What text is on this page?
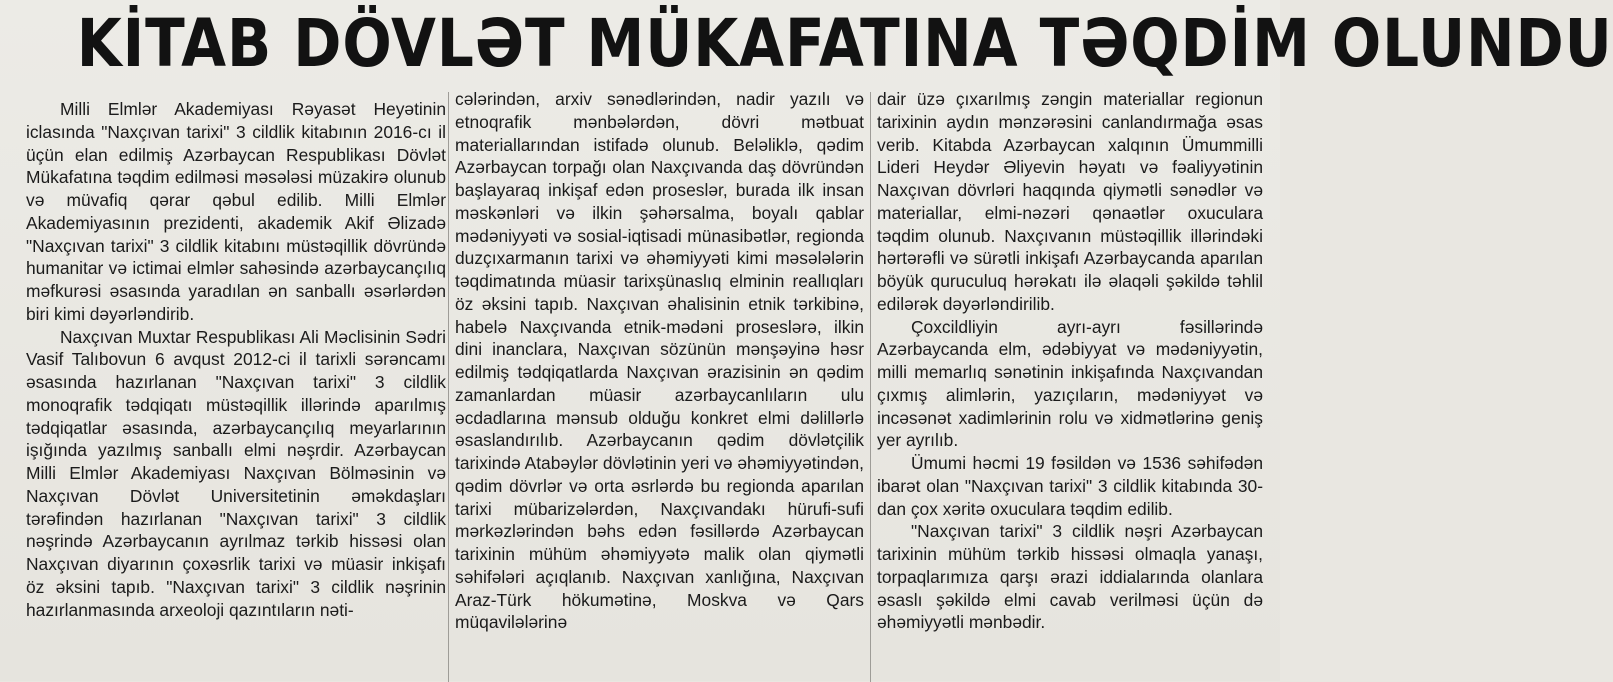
KİTAB DÖVLƏT MÜKAFATINA TƏQDİM OLUNDU

Milli Elmlər Akademiyası Rəyasət Heyətinin iclasında "Naxçıvan tarixi" 3 cildlik kitabının 2016-cı il üçün elan edilmiş Azərbaycan Respublikası Dövlət Mükafatına təqdim edilməsi məsələsi müzakirə olunub və müvafiq qərar qəbul edilib. Milli Elmlər Akademiyasının prezidenti, akademik Akif Əlizadə "Naxçıvan tarixi" 3 cildlik kitabını müstəqillik dövründə humanitar və ictimai elmlər sahəsində azərbaycançılıq məfkurəsi əsasında yaradılan ən sanballı əsərlərdən biri kimi dəyərləndirib.

Naxçıvan Muxtar Respublikası Ali Məclisinin Sədri Vasif Talıbovun 6 avqust 2012-ci il tarixli sərəncamı əsasında hazırlanan "Naxçıvan tarixi" 3 cildlik monoqrafik tədqiqatı müstəqillik illərində aparılmış tədqiqatlar əsasında, azərbaycançılıq meyarlarının işığında yazılmış sanballı elmi nəşrdir. Azərbaycan Milli Elmlər Akademiyası Naxçıvan Bölməsinin və Naxçıvan Dövlət Universitetinin əməkdaşları tərəfindən hazırlanan "Naxçıvan tarixi" 3 cildlik nəşrində Azərbaycanın ayrılmaz tərkib hissəsi olan Naxçıvan diyarının çoxəsrlik tarixi və müasir inkişafı öz əksini tapıb. "Naxçıvan tarixi" 3 cildlik nəşrinin hazırlanmasında arxeoloji qazıntıların nəti-

cələrindən, arxiv sənədlərindən, nadir yazılı və etnoqrafik mənbələrdən, dövri mətbuat materiallarından istifadə olunub. Beləliklə, qədim Azərbaycan torpağı olan Naxçıvanda daş dövründən başlayaraq inkişaf edən proseslər, burada ilk insan məskənləri və ilkin şəhərsalma, boyalı qablar mədəniyyəti və sosial-iqtisadi münasibətlər, regionda duzçıxarmanın tarixi və əhəmiyyəti kimi məsələlərin təqdimatında müasir tarixşünaslıq elminin reallıqları öz əksini tapıb. Naxçıvan əhalisinin etnik tərkibinə, habelə Naxçıvanda etnik-mədəni proseslərə, ilkin dini inanclara, Naxçıvan sözünün mənşəyinə həsr edilmiş tədqiqatlarda Naxçıvan ərazisinin ən qədim zamanlardan müasir azərbaycanlıların ulu əcdadlarına mənsub olduğu konkret elmi dəlillərlə əsaslandırılıb. Azərbaycanın qədim dövlətçilik tarixində Atabəylər dövlətinin yeri və əhəmiyyətindən, qədim dövrlər və orta əsrlərdə bu regionda aparılan tarixi mübarizələrdən, Naxçıvandakı hürufi-sufi mərkəzlərindən bəhs edən fəsillərdə Azərbaycan tarixinin mühüm əhəmiyyətə malik olan qiymətli səhifələri açıqlanıb. Naxçıvan xanlığına, Naxçıvan Araz-Türk hökumətinə, Moskva və Qars müqavilələrinə

dair üzə çıxarılmış zəngin materiallar regionun tarixinin aydın mənzərəsini canlandırmağa əsas verib. Kitabda Azərbaycan xalqının Ümummilli Lideri Heydər Əliyevin həyatı və fəaliyyətinin Naxçıvan dövrləri haqqında qiymətli sənədlər və materiallar, elmi-nəzəri qənaətlər oxuculara təqdim olunub. Naxçıvanın müstəqillik illərindəki hərtərəfli və sürətli inkişafı Azərbaycanda aparılan böyük quruculuq hərəkatı ilə əlaqəli şəkildə təhlil edilərək dəyərləndirilib.

Çoxcildliyin ayrı-ayrı fəsillərində Azərbaycanda elm, ədəbiyyat və mədəniyyətin, milli memarlıq sənətinin inkişafında Naxçıvandan çıxmış alimlərin, yazıçıların, mədəniyyət və incəsənət xadimlərinin rolu və xidmətlərinə geniş yer ayrılıb.

Ümumi həcmi 19 fəsildən və 1536 səhifədən ibarət olan "Naxçıvan tarixi" 3 cildlik kitabında 30-dan çox xəritə oxuculara təqdim edilib.

"Naxçıvan tarixi" 3 cildlik nəşri Azərbaycan tarixinin mühüm tərkib hissəsi olmaqla yanaşı, torpaqlarımıza qarşı ərazi iddialarında olanlara əsaslı şəkildə elmi cavab verilməsi üçün də əhəmiyyətli mənbədir.
